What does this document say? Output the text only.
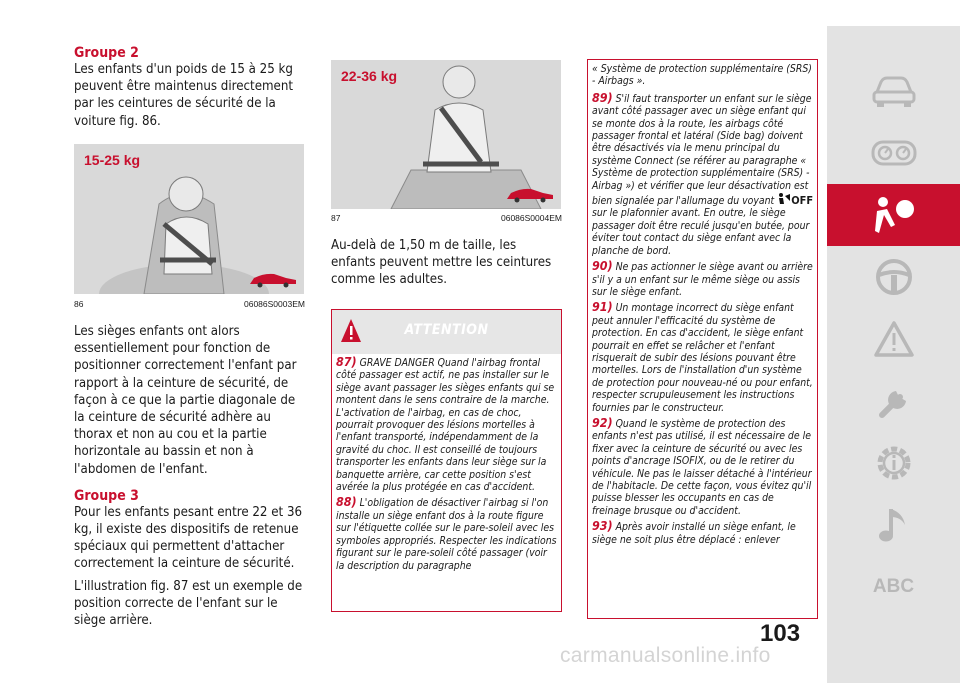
Groupe 2

Les enfants d'un poids de 15 à 25 kg peuvent être maintenus directement par les ceintures de sécurité de la voiture fig. 86.

15-25 kg
86	06086S0003EM

Les sièges enfants ont alors essentiellement pour fonction de positionner correctement l'enfant par rapport à la ceinture de sécurité, de façon à ce que la partie diagonale de la ceinture de sécurité adhère au thorax et non au cou et la partie horizontale au bassin et non à l'abdomen de l'enfant.

Groupe 3

Pour les enfants pesant entre 22 et 36 kg, il existe des dispositifs de retenue spéciaux qui permettent d'attacher correctement la ceinture de sécurité.

L'illustration fig. 87 est un exemple de position correcte de l'enfant sur le siège arrière.

22-36 kg
87	06086S0004EM

Au-delà de 1,50 m de taille, les enfants peuvent mettre les ceintures comme les adultes.

ATTENTION

87) GRAVE DANGER Quand l'airbag frontal côté passager est actif, ne pas installer sur le siège avant passager les sièges enfants qui se montent dans le sens contraire de la marche. L'activation de l'airbag, en cas de choc, pourrait provoquer des lésions mortelles à l'enfant transporté, indépendamment de la gravité du choc. Il est conseillé de toujours transporter les enfants dans leur siège sur la banquette arrière, car cette position s'est avérée la plus protégée en cas d'accident.

88) L'obligation de désactiver l'airbag si l'on installe un siège enfant dos à la route figure sur l'étiquette collée sur le pare-soleil avec les symboles appropriés. Respecter les indications figurant sur le pare-soleil côté passager (voir la description du paragraphe

« Système de protection supplémentaire (SRS) - Airbags ».

89) S'il faut transporter un enfant sur le siège avant côté passager avec un siège enfant qui se monte dos à la route, les airbags côté passager frontal et latéral (Side bag) doivent être désactivés via le menu principal du système Connect (se référer au paragraphe « Système de protection supplémentaire (SRS) - Airbag ») et vérifier que leur désactivation est bien signalée par l'allumage du voyant OFF sur le plafonnier avant. En outre, le siège passager doit être reculé jusqu'en butée, pour éviter tout contact du siège enfant avec la planche de bord.

90) Ne pas actionner le siège avant ou arrière s'il y a un enfant sur le même siège ou assis sur le siège enfant.

91) Un montage incorrect du siège enfant peut annuler l'efficacité du système de protection. En cas d'accident, le siège enfant pourrait en effet se relâcher et l'enfant risquerait de subir des lésions pouvant être mortelles. Lors de l'installation d'un système de protection pour nouveau-né ou pour enfant, respecter scrupuleusement les instructions fournies par le constructeur.

92) Quand le système de protection des enfants n'est pas utilisé, il est nécessaire de le fixer avec la ceinture de sécurité ou avec les points d'ancrage ISOFIX, ou de le retirer du véhicule. Ne pas le laisser détaché à l'intérieur de l'habitacle. De cette façon, vous évitez qu'il puisse blesser les occupants en cas de freinage brusque ou d'accident.

93) Après avoir installé un siège enfant, le siège ne soit plus être déplacé : enlever

ABC
103
carmanualsonline.info
